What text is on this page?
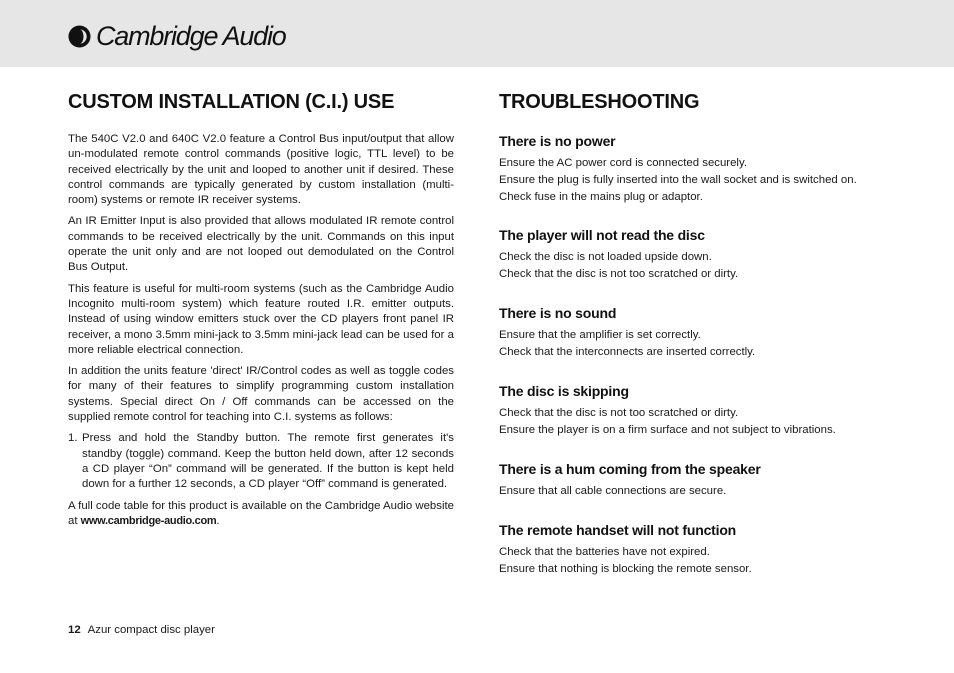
Cambridge Audio
CUSTOM INSTALLATION (C.I.) USE

The 540C V2.0 and 640C V2.0 feature a Control Bus input/output that allow un-modulated remote control commands (positive logic, TTL level) to be received electrically by the unit and looped to another unit if desired. These control commands are typically generated by custom installation (multi-room) systems or remote IR receiver systems.

An IR Emitter Input is also provided that allows modulated IR remote control commands to be received electrically by the unit. Commands on this input operate the unit only and are not looped out demodulated on the Control Bus Output.

This feature is useful for multi-room systems (such as the Cambridge Audio Incognito multi-room system) which feature routed I.R. emitter outputs. Instead of using window emitters stuck over the CD players front panel IR receiver, a mono 3.5mm mini-jack to 3.5mm mini-jack lead can be used for a more reliable electrical connection.

In addition the units feature 'direct' IR/Control codes as well as toggle codes for many of their features to simplify programming custom installation systems. Special direct On / Off commands can be accessed on the supplied remote control for teaching into C.I. systems as follows:

1. Press and hold the Standby button. The remote first generates it's standby (toggle) command. Keep the button held down, after 12 seconds a CD player “On” command will be generated. If the button is kept held down for a further 12 seconds, a CD player “Off” command is generated.

A full code table for this product is available on the Cambridge Audio website at www.cambridge-audio.com.

TROUBLESHOOTING
There is no power

Ensure the AC power cord is connected securely.

Ensure the plug is fully inserted into the wall socket and is switched on.

Check fuse in the mains plug or adaptor.

The player will not read the disc

Check the disc is not loaded upside down.

Check that the disc is not too scratched or dirty.

There is no sound

Ensure that the amplifier is set correctly.

Check that the interconnects are inserted correctly.

The disc is skipping

Check that the disc is not too scratched or dirty.

Ensure the player is on a firm surface and not subject to vibrations.

There is a hum coming from the speaker

Ensure that all cable connections are secure.

The remote handset will not function

Check that the batteries have not expired.

Ensure that nothing is blocking the remote sensor.

12 Azur compact disc player
